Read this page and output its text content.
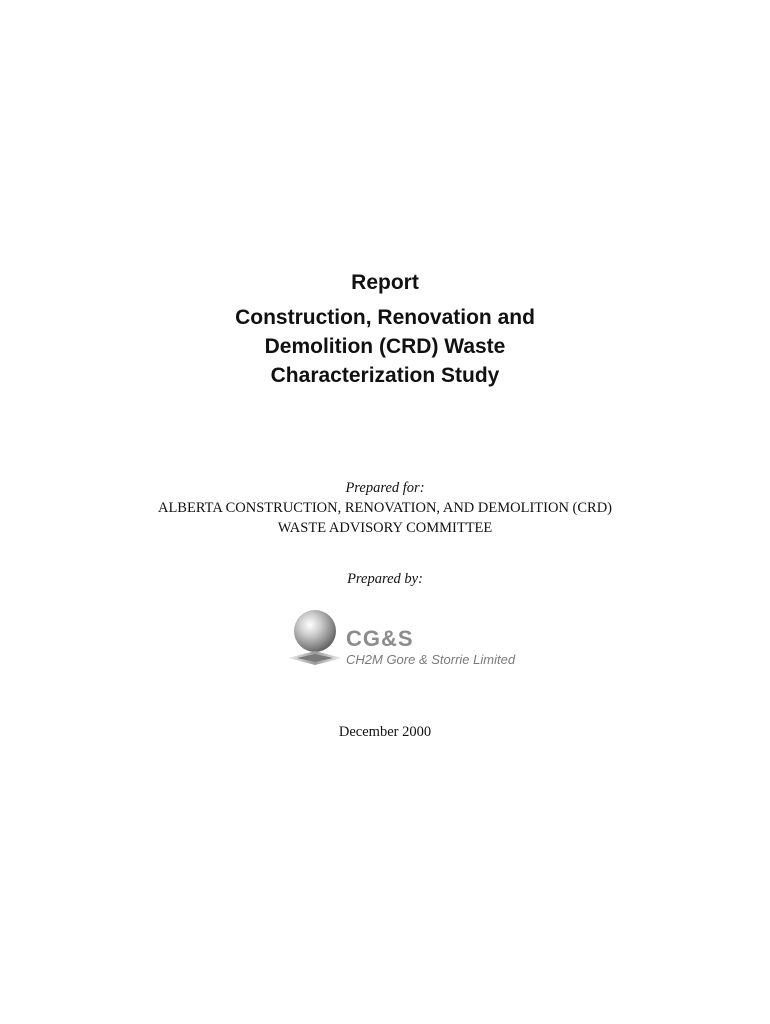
Report
Construction, Renovation and
Demolition (CRD) Waste
Characterization Study
Prepared for:
ALBERTA CONSTRUCTION, RENOVATION, AND DEMOLITION (CRD)
WASTE ADVISORY COMMITTEE
Prepared by:
CG&S
CH2M Gore & Storrie Limited
December 2000
